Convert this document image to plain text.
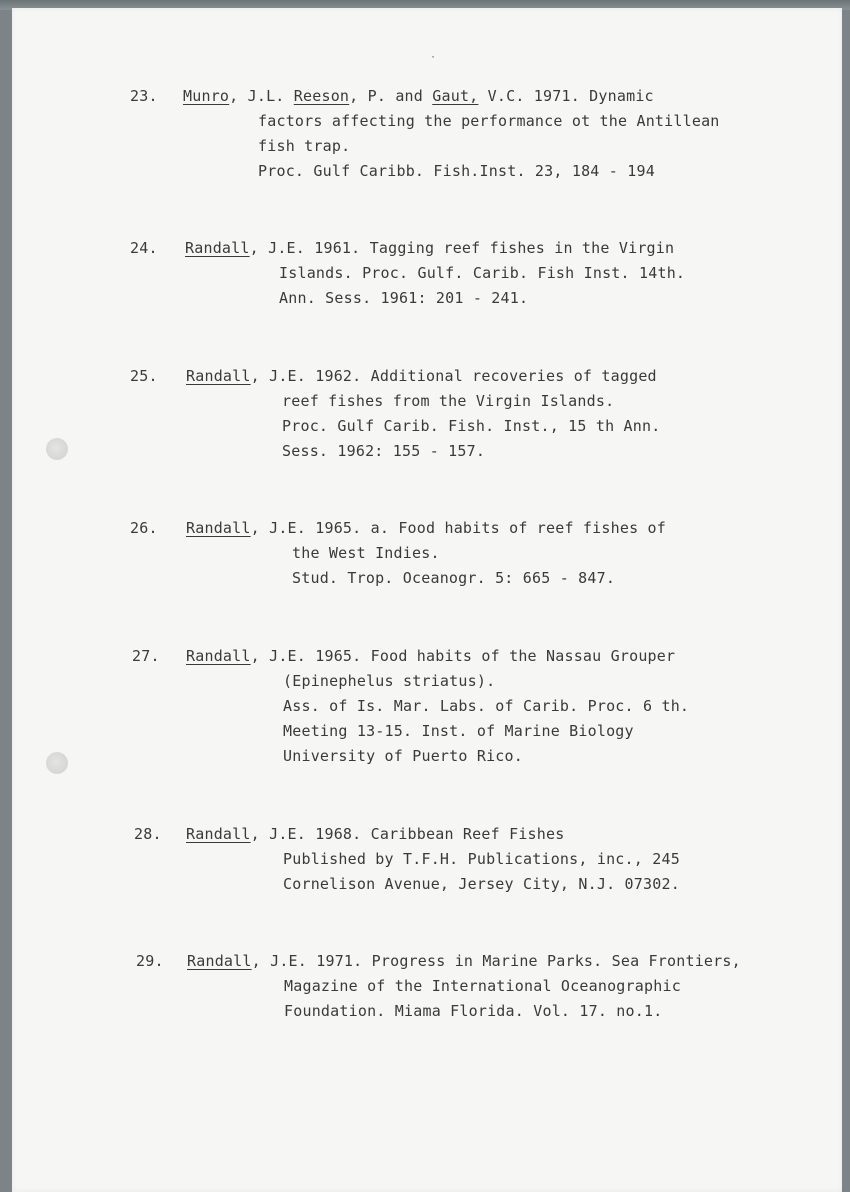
·
23. Munro, J.L. Reeson, P. and Gaut, V.C. 1971. Dynamic
factors affecting the performance ot the Antillean
fish trap.
Proc. Gulf Caribb. Fish.Inst. 23, 184 - 194
24. Randall, J.E. 1961. Tagging reef fishes in the Virgin
Islands. Proc. Gulf. Carib. Fish Inst. 14th.
Ann. Sess. 1961: 201 - 241.
25. Randall, J.E. 1962. Additional recoveries of tagged
reef fishes from the Virgin Islands.
Proc. Gulf Carib. Fish. Inst., 15 th Ann.
Sess. 1962: 155 - 157.
26. Randall, J.E. 1965. a. Food habits of reef fishes of
the West Indies.
Stud. Trop. Oceanogr. 5: 665 - 847.
27. Randall, J.E. 1965. Food habits of the Nassau Grouper
(Epinephelus striatus).
Ass. of Is. Mar. Labs. of Carib. Proc. 6 th.
Meeting 13-15. Inst. of Marine Biology
University of Puerto Rico.
28. Randall, J.E. 1968. Caribbean Reef Fishes
Published by T.F.H. Publications, inc., 245
Cornelison Avenue, Jersey City, N.J. 07302.
29. Randall, J.E. 1971. Progress in Marine Parks. Sea Frontiers,
Magazine of the International Oceanographic
Foundation. Miama Florida. Vol. 17. no.1.
